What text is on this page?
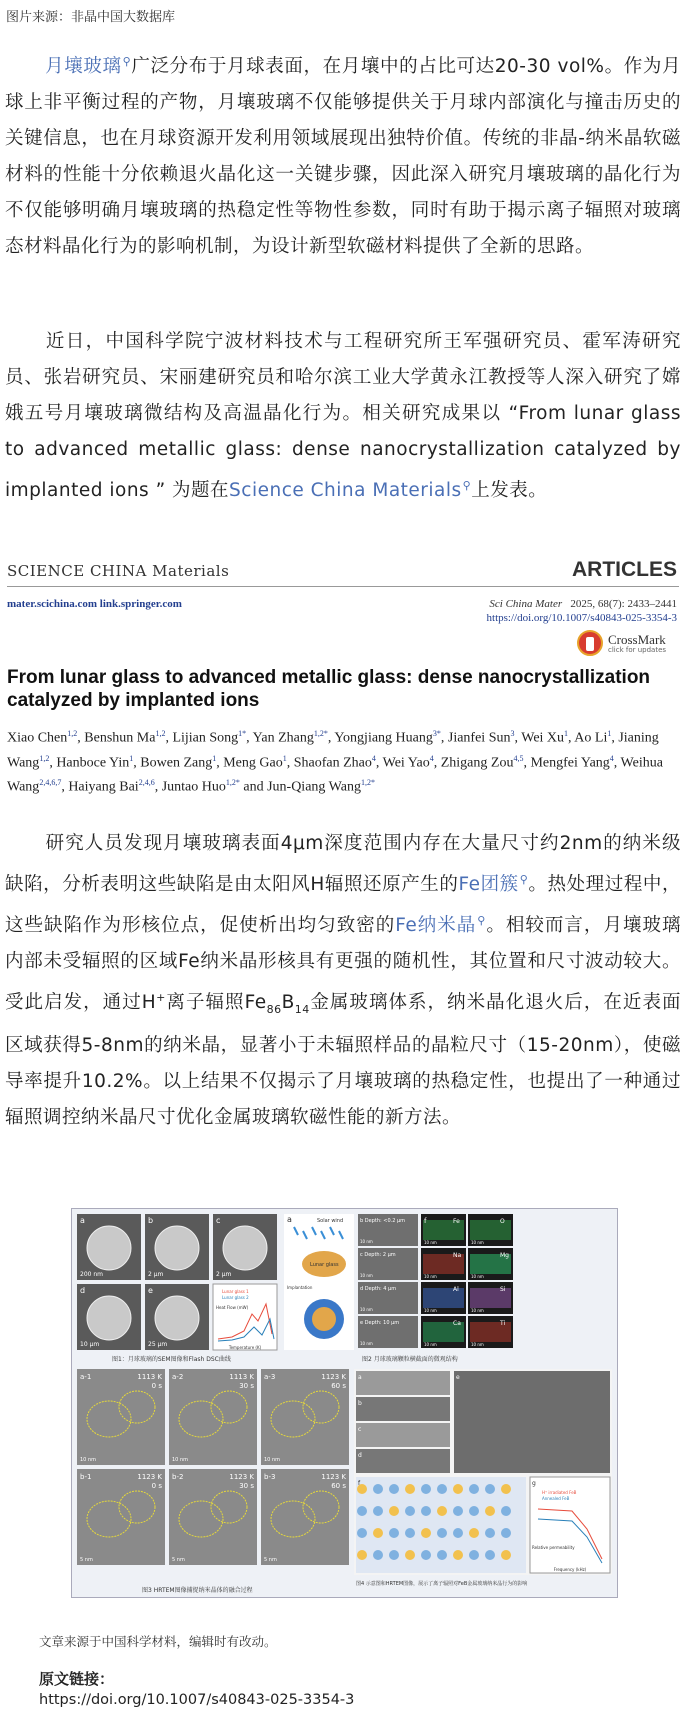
图片来源：非晶中国大数据库
月壤玻璃⚲广泛分布于月球表面，在月壤中的占比可达20-30 vol%。作为月球上非平衡过程的产物，月壤玻璃不仅能够提供关于月球内部演化与撞击历史的关键信息，也在月球资源开发利用领域展现出独特价值。传统的非晶-纳米晶软磁材料的性能十分依赖退火晶化这一关键步骤，因此深入研究月壤玻璃的晶化行为不仅能够明确月壤玻璃的热稳定性等物性参数，同时有助于揭示离子辐照对玻璃态材料晶化行为的影响机制，为设计新型软磁材料提供了全新的思路。
近日，中国科学院宁波材料技术与工程研究所王军强研究员、霍军涛研究员、张岩研究员、宋丽建研究员和哈尔滨工业大学黄永江教授等人深入研究了嫦娥五号月壤玻璃微结构及高温晶化行为。相关研究成果以 “From lunar glass to advanced metallic glass: dense nanocrystallization catalyzed by implanted ions ” 为题在Science China Materials⚲上发表。
SCIENCE CHINA Materials	ARTICLES
mater.scichina.com link.springer.com	Sci China Mater 2025, 68(7): 2433–2441
https://doi.org/10.1007/s40843-025-3354-3
CrossMark
click for updates
From lunar glass to advanced metallic glass: dense nanocrystallization catalyzed by implanted ions
Xiao Chen$^{1,2}$, Benshun Ma$^{1,2}$, Lijian Song$^{1*}$, Yan Zhang$^{1,2*}$, Yongjiang Huang$^{3*}$, Jianfei Sun$^3$, Wei Xu$^1$, Ao Li$^1$, Jianing Wang$^{1,2}$, Hanboce Yin$^1$, Bowen Zang$^1$, Meng Gao$^1$, Shaofan Zhao$^4$, Wei Yao$^4$, Zhigang Zou$^{4,5}$, Mengfei Yang$^4$, Weihua Wang$^{2,4,6,7}$, Haiyang Bai$^{2,4,6}$, Juntao Huo$^{1,2*}$ and Jun-Qiang Wang$^{1,2*}$
研究人员发现月壤玻璃表面4μm深度范围内存在大量尺寸约2nm的纳米级缺陷，分析表明这些缺陷是由太阳风H辐照还原产生的Fe团簇⚲。热处理过程中，这些缺陷作为形核位点，促使析出均匀致密的Fe纳米晶⚲。相较而言，月壤玻璃内部未受辐照的区域Fe纳米晶形核具有更强的随机性，其位置和尺寸波动较大。受此启发，通过H+离子辐照$Fe_{86}B_{14}$金属玻璃体系，纳米晶化退火后，在近表面区域获得5-8nm的纳米晶，显著小于未辐照样品的晶粒尺寸（15-20nm），使磁导率提升10.2%。以上结果不仅揭示了月壤玻璃的热稳定性，也提出了一种通过辐照调控纳米晶尺寸优化金属玻璃软磁性能的新方法。
a
200 nm
b
2 μm
c
2 μm
d
10 μm
e
25 μm
Lunar glass 1
Lunar glass 2
Temperature (K)
Heat Flow (mW)
图1：月球玻璃的SEM图像和Flash DSC曲线
a	Solar wind
Lunar glass
Implantation
b Depth: <0.2 μm
10 nm
c Depth: 2 μm
10 nm
d Depth: 4 μm
10 nm
e Depth: 10 μm
10 nm
Fe
f
10 nm
O
10 nm
Na
10 nm
Mg
10 nm
Al
10 nm
Si
10 nm
Ca
10 nm
Ti
10 nm
图2 月球玻璃颗粒横截面的微观结构
a-1	1113 K
0 s
10 nm
a-2	1113 K
30 s
10 nm
a-3	1123 K
60 s
10 nm
b-1	1123 K
0 s
5 nm
b-2	1123 K
30 s
5 nm
b-3	1123 K
60 s
5 nm
图3 HRTEM图像捕捉纳米晶体的融合过程
a
b
c
d
e
f	g
H⁺ irradiated FeB
Annealed FeB
Frequency (kHz)
Relative permeability
图4 示意图和HRTEM图像，展示了离子辐照对FeB金属玻璃纳米晶行为的影响
文章来源于中国科学材料，编辑时有改动。
原文链接：
https://doi.org/10.1007/s40843-025-3354-3
